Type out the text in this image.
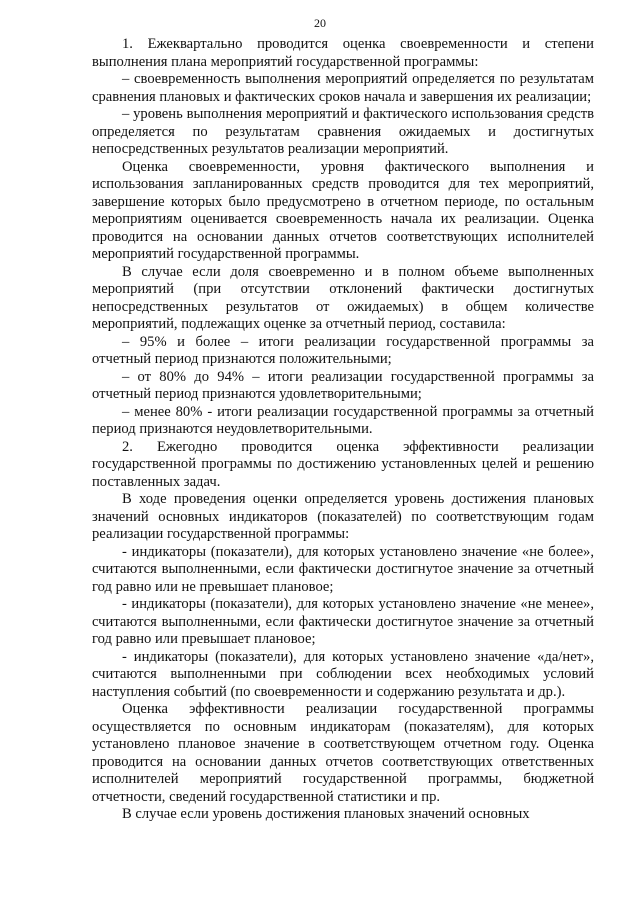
20

1. Ежеквартально проводится оценка своевременности и степени выполнения плана мероприятий государственной программы:

– своевременность выполнения мероприятий определяется по результатам сравнения плановых и фактических сроков начала и завершения их реализации;

– уровень выполнения мероприятий и фактического использования средств определяется по результатам сравнения ожидаемых и достигнутых непосредственных результатов реализации мероприятий.

Оценка своевременности, уровня фактического выполнения и использования запланированных средств проводится для тех мероприятий, завершение которых было предусмотрено в отчетном периоде, по остальным мероприятиям оценивается своевременность начала их реализации. Оценка проводится на основании данных отчетов соответствующих исполнителей мероприятий государственной программы.

В случае если доля своевременно и в полном объеме выполненных мероприятий (при отсутствии отклонений фактически достигнутых непосредственных результатов от ожидаемых) в общем количестве мероприятий, подлежащих оценке за отчетный период, составила:

– 95% и более – итоги реализации государственной программы за отчетный период признаются положительными;

– от 80% до 94% – итоги реализации государственной программы за отчетный период признаются удовлетворительными;

– менее 80% - итоги реализации государственной программы за отчетный период признаются неудовлетворительными.

2. Ежегодно проводится оценка эффективности реализации государственной программы по достижению установленных целей и решению поставленных задач.

В ходе проведения оценки определяется уровень достижения плановых значений основных индикаторов (показателей) по соответствующим годам реализации государственной программы:

- индикаторы (показатели), для которых установлено значение «не более», считаются выполненными, если фактически достигнутое значение за отчетный год равно или не превышает плановое;

- индикаторы (показатели), для которых установлено значение «не менее», считаются выполненными, если фактически достигнутое значение за отчетный год равно или превышает плановое;

- индикаторы (показатели), для которых установлено значение «да/нет», считаются выполненными при соблюдении всех необходимых условий наступления событий (по своевременности и содержанию результата и др.).

Оценка эффективности реализации государственной программы осуществляется по основным индикаторам (показателям), для которых установлено плановое значение в соответствующем отчетном году. Оценка проводится на основании данных отчетов соответствующих ответственных исполнителей мероприятий государственной программы, бюджетной отчетности, сведений государственной статистики и пр.

В случае если уровень достижения плановых значений основных
